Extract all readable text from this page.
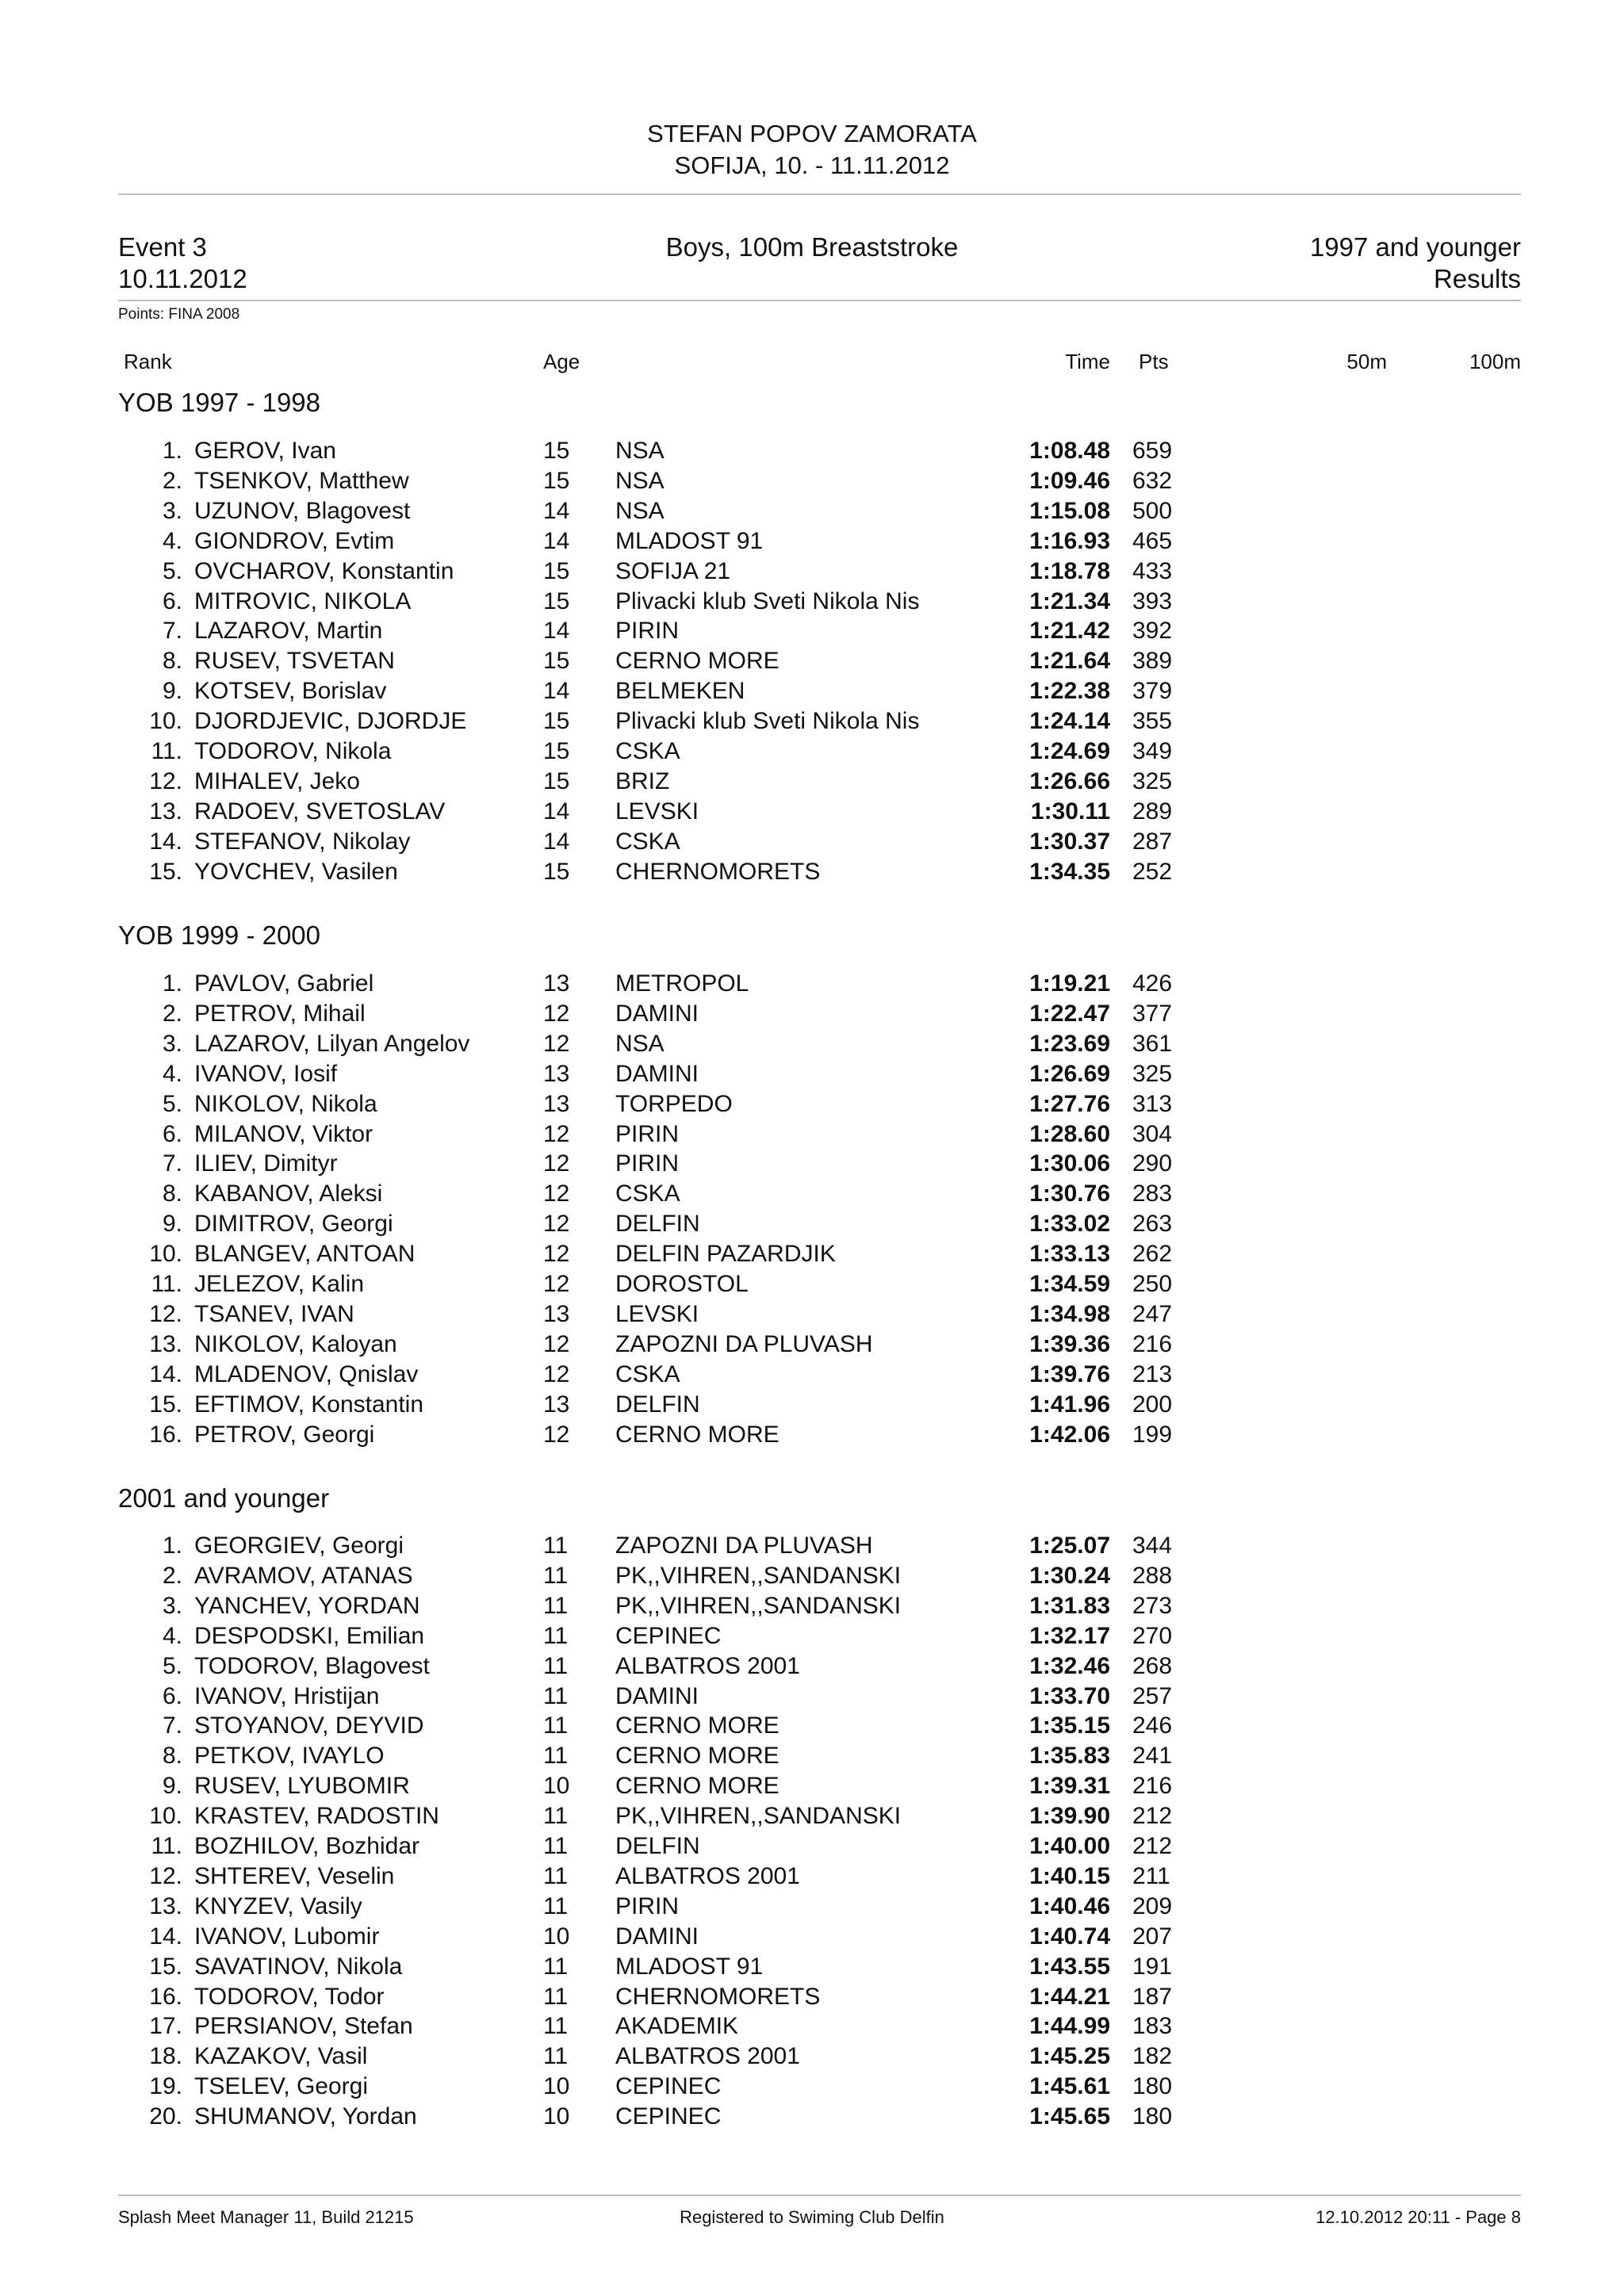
STEFAN POPOV ZAMORATA
SOFIJA, 10. - 11.11.2012
Event 3
10.11.2012
Boys, 100m Breaststroke	1997 and younger
Results
Points: FINA 2008
Rank	Age	Time Pts	50m	100m
YOB 1997 - 1998
1. GEROV, Ivan	15 NSA	1:08.48 659
2. TSENKOV, Matthew	15 NSA	1:09.46 632
3. UZUNOV, Blagovest	14 NSA	1:15.08 500
4. GIONDROV, Evtim	14 MLADOST 91	1:16.93 465
5. OVCHAROV, Konstantin	15 SOFIJA 21	1:18.78 433
6. MITROVIC, NIKOLA	15 Plivacki klub Sveti Nikola Nis	1:21.34 393
7. LAZAROV, Martin	14 PIRIN	1:21.42 392
8. RUSEV, TSVETAN	15 CERNO MORE	1:21.64 389
9. KOTSEV, Borislav	14 BELMEKEN	1:22.38 379
10. DJORDJEVIC, DJORDJE	15 Plivacki klub Sveti Nikola Nis	1:24.14 355
11. TODOROV, Nikola	15 CSKA	1:24.69 349
12. MIHALEV, Jeko	15 BRIZ	1:26.66 325
13. RADOEV, SVETOSLAV	14 LEVSKI	1:30.11 289
14. STEFANOV, Nikolay	14 CSKA	1:30.37 287
15. YOVCHEV, Vasilen	15 CHERNOMORETS	1:34.35 252
YOB 1999 - 2000
1. PAVLOV, Gabriel	13 METROPOL	1:19.21 426
2. PETROV, Mihail	12 DAMINI	1:22.47 377
3. LAZAROV, Lilyan Angelov	12 NSA	1:23.69 361
4. IVANOV, Iosif	13 DAMINI	1:26.69 325
5. NIKOLOV, Nikola	13 TORPEDO	1:27.76 313
6. MILANOV, Viktor	12 PIRIN	1:28.60 304
7. ILIEV, Dimityr	12 PIRIN	1:30.06 290
8. KABANOV, Aleksi	12 CSKA	1:30.76 283
9. DIMITROV, Georgi	12 DELFIN	1:33.02 263
10. BLANGEV, ANTOAN	12 DELFIN PAZARDJIK	1:33.13 262
11. JELEZOV, Kalin	12 DOROSTOL	1:34.59 250
12. TSANEV, IVAN	13 LEVSKI	1:34.98 247
13. NIKOLOV, Kaloyan	12 ZAPOZNI DA PLUVASH	1:39.36 216
14. MLADENOV, Qnislav	12 CSKA	1:39.76 213
15. EFTIMOV, Konstantin	13 DELFIN	1:41.96 200
16. PETROV, Georgi	12 CERNO MORE	1:42.06 199
2001 and younger
1. GEORGIEV, Georgi	11 ZAPOZNI DA PLUVASH	1:25.07 344
2. AVRAMOV, ATANAS	11 PK,,VIHREN,,SANDANSKI	1:30.24 288
3. YANCHEV, YORDAN	11 PK,,VIHREN,,SANDANSKI	1:31.83 273
4. DESPODSKI, Emilian	11 CEPINEC	1:32.17 270
5. TODOROV, Blagovest	11 ALBATROS 2001	1:32.46 268
6. IVANOV, Hristijan	11 DAMINI	1:33.70 257
7. STOYANOV, DEYVID	11 CERNO MORE	1:35.15 246
8. PETKOV, IVAYLO	11 CERNO MORE	1:35.83 241
9. RUSEV, LYUBOMIR	10 CERNO MORE	1:39.31 216
10. KRASTEV, RADOSTIN	11 PK,,VIHREN,,SANDANSKI	1:39.90 212
11. BOZHILOV, Bozhidar	11 DELFIN	1:40.00 212
12. SHTEREV, Veselin	11 ALBATROS 2001	1:40.15 211
13. KNYZEV, Vasily	11 PIRIN	1:40.46 209
14. IVANOV, Lubomir	10 DAMINI	1:40.74 207
15. SAVATINOV, Nikola	11 MLADOST 91	1:43.55 191
16. TODOROV, Todor	11 CHERNOMORETS	1:44.21 187
17. PERSIANOV, Stefan	11 AKADEMIK	1:44.99 183
18. KAZAKOV, Vasil	11 ALBATROS 2001	1:45.25 182
19. TSELEV, Georgi	10 CEPINEC	1:45.61 180
20. SHUMANOV, Yordan	10 CEPINEC	1:45.65 180
Splash Meet Manager 11, Build 21215	Registered to Swiming Club Delfin	12.10.2012 20:11 - Page 8
